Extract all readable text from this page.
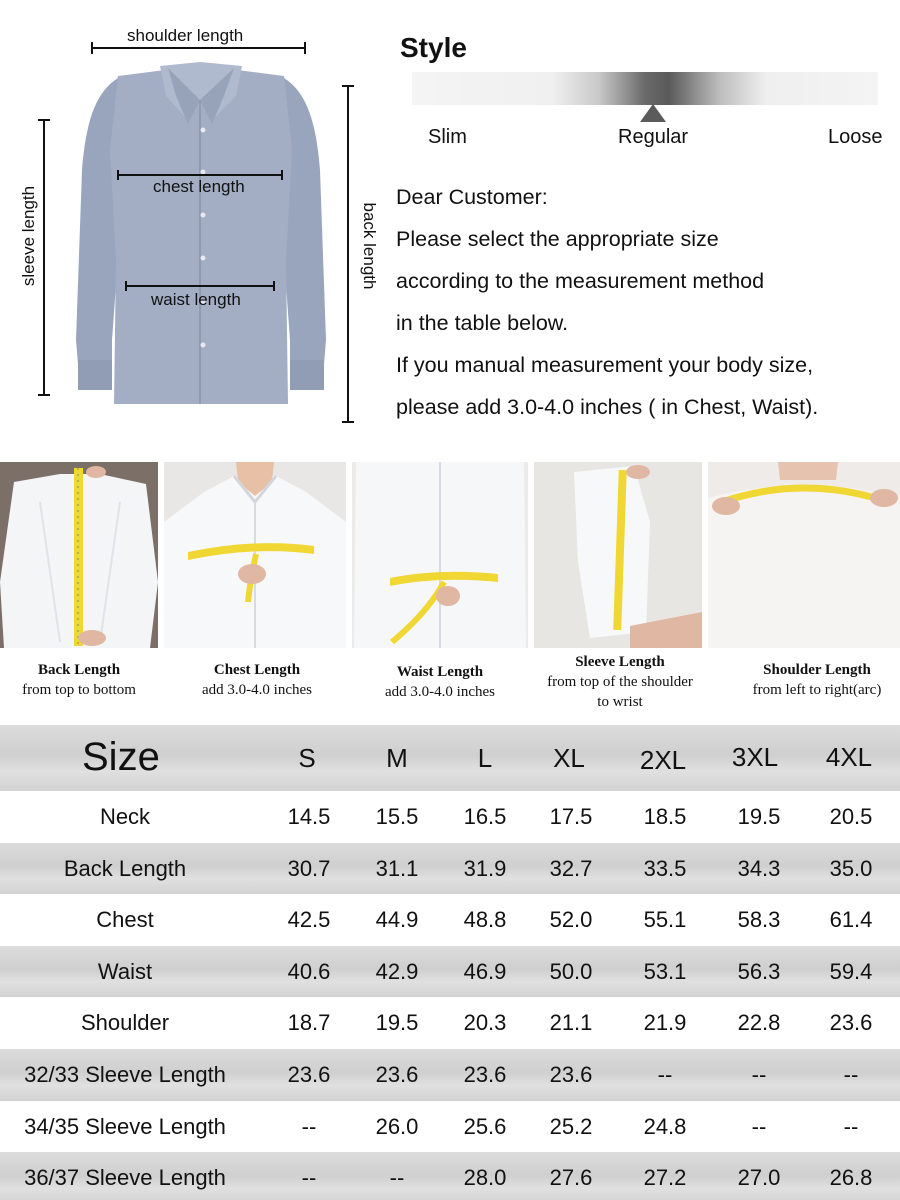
shoulder length
chest length
waist length
sleeve length	back length
Style
Slim	Regular	Loose

Dear Customer:

Please select the appropriate size

according to the measurement method

in the table below.

If you manual measurement your body size,

please add 3.0-4.0 inches ( in Chest, Waist).

Back Length
from top to bottom
Chest Length
add 3.0-4.0 inches
Waist Length
add 3.0-4.0 inches
Sleeve Length
from top of the shoulder to wrist
Shoulder Length
from left to right(arc)
Size	S	M	L	XL	2XL	3XL	4XL
Neck	14.5	15.5	16.5	17.5	18.5	19.5	20.5
Back Length	30.7	31.1	31.9	32.7	33.5	34.3	35.0
Chest	42.5	44.9	48.8	52.0	55.1	58.3	61.4
Waist	40.6	42.9	46.9	50.0	53.1	56.3	59.4
Shoulder	18.7	19.5	20.3	21.1	21.9	22.8	23.6
32/33 Sleeve Length	23.6	23.6	23.6	23.6	--	--	--
34/35 Sleeve Length	--	26.0	25.6	25.2	24.8	--	--
36/37 Sleeve Length	--	--	28.0	27.6	27.2	27.0	26.8
